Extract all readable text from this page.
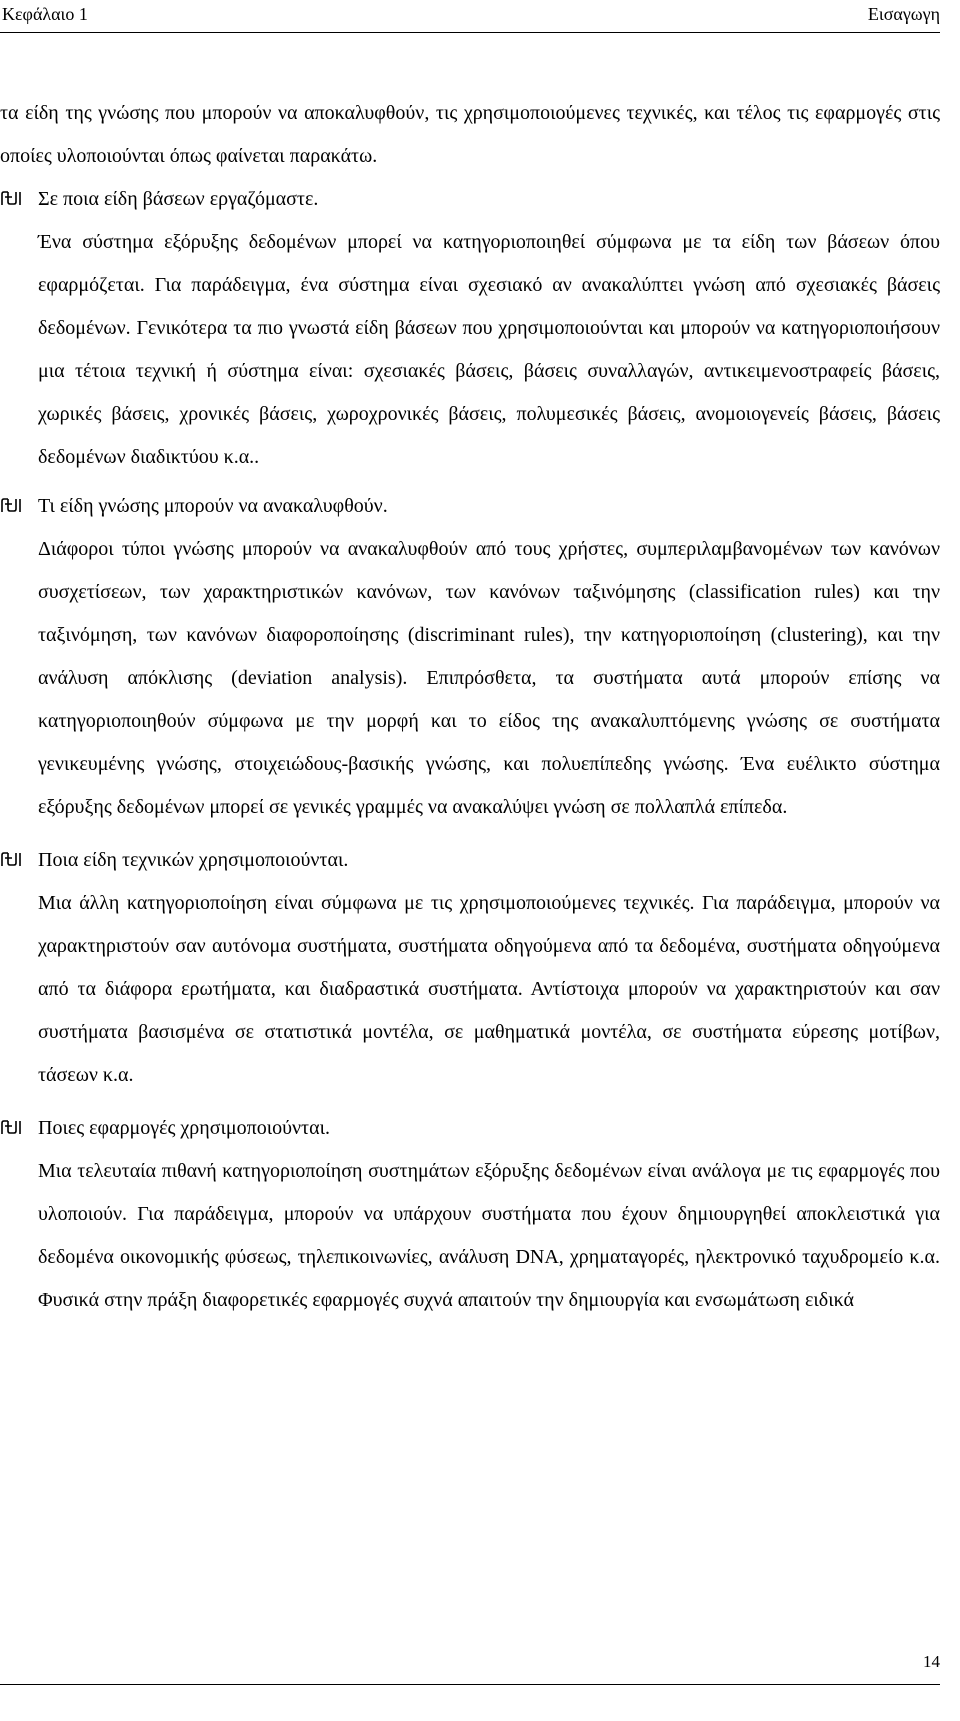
Κεφάλαιο 1	Εισαγωγη

τα είδη της γνώσης που μπορούν να αποκαλυφθούν, τις χρησιμοποιούμενες τεχνικές, και τέλος τις εφαρμογές στις οποίες υλοποιούνται όπως φαίνεται παρακάτω.

Σε ποια είδη βάσεων εργαζόμαστε.

Ένα σύστημα εξόρυξης δεδομένων μπορεί να κατηγοριοποιηθεί σύμφωνα με τα είδη των βάσεων όπου εφαρμόζεται. Για παράδειγμα, ένα σύστημα είναι σχεσιακό αν ανακαλύπτει γνώση από σχεσιακές βάσεις δεδομένων. Γενικότερα τα πιο γνωστά είδη βάσεων που χρησιμοποιούνται και μπορούν να κατηγοριοποιήσουν μια τέτοια τεχνική ή σύστημα είναι: σχεσιακές βάσεις, βάσεις συναλλαγών, αντικειμενοστραφείς βάσεις, χωρικές βάσεις, χρονικές βάσεις, χωροχρονικές βάσεις, πολυμεσικές βάσεις, ανομοιογενείς βάσεις, βάσεις δεδομένων διαδικτύου κ.α..

Τι είδη γνώσης μπορούν να ανακαλυφθούν.

Διάφοροι τύποι γνώσης μπορούν να ανακαλυφθούν από τους χρήστες, συμπεριλαμβανομένων των κανόνων συσχετίσεων, των χαρακτηριστικών κανόνων, των κανόνων ταξινόμησης (classification rules) και την ταξινόμηση, των κανόνων διαφοροποίησης (discriminant rules), την κατηγοριοποίηση (clustering), και την ανάλυση απόκλισης (deviation analysis). Επιπρόσθετα, τα συστήματα αυτά μπορούν επίσης να κατηγοριοποιηθούν σύμφωνα με την μορφή και το είδος της ανακαλυπτόμενης γνώσης σε συστήματα γενικευμένης γνώσης, στοιχειώδους-βασικής γνώσης, και πολυεπίπεδης γνώσης. Ένα ευέλικτο σύστημα εξόρυξης δεδομένων μπορεί σε γενικές γραμμές να ανακαλύψει γνώση σε πολλαπλά επίπεδα.

Ποια είδη τεχνικών χρησιμοποιούνται.

Μια άλλη κατηγοριοποίηση είναι σύμφωνα με τις χρησιμοποιούμενες τεχνικές. Για παράδειγμα, μπορούν να χαρακτηριστούν σαν αυτόνομα συστήματα, συστήματα οδηγούμενα από τα δεδομένα, συστήματα οδηγούμενα από τα διάφορα ερωτήματα, και διαδραστικά συστήματα. Αντίστοιχα μπορούν να χαρακτηριστούν και σαν συστήματα βασισμένα σε στατιστικά μοντέλα, σε μαθηματικά μοντέλα, σε συστήματα εύρεσης μοτίβων, τάσεων κ.α.

Ποιες εφαρμογές χρησιμοποιούνται.

Μια τελευταία πιθανή κατηγοριοποίηση συστημάτων εξόρυξης δεδομένων είναι ανάλογα με τις εφαρμογές που υλοποιούν. Για παράδειγμα, μπορούν να υπάρχουν συστήματα που έχουν δημιουργηθεί αποκλειστικά για δεδομένα οικονομικής φύσεως, τηλεπικοινωνίες, ανάλυση DNA, χρηματαγορές, ηλεκτρονικό ταχυδρομείο κ.α. Φυσικά στην πράξη διαφορετικές εφαρμογές συχνά απαιτούν την δημιουργία και ενσωμάτωση ειδικά

14
